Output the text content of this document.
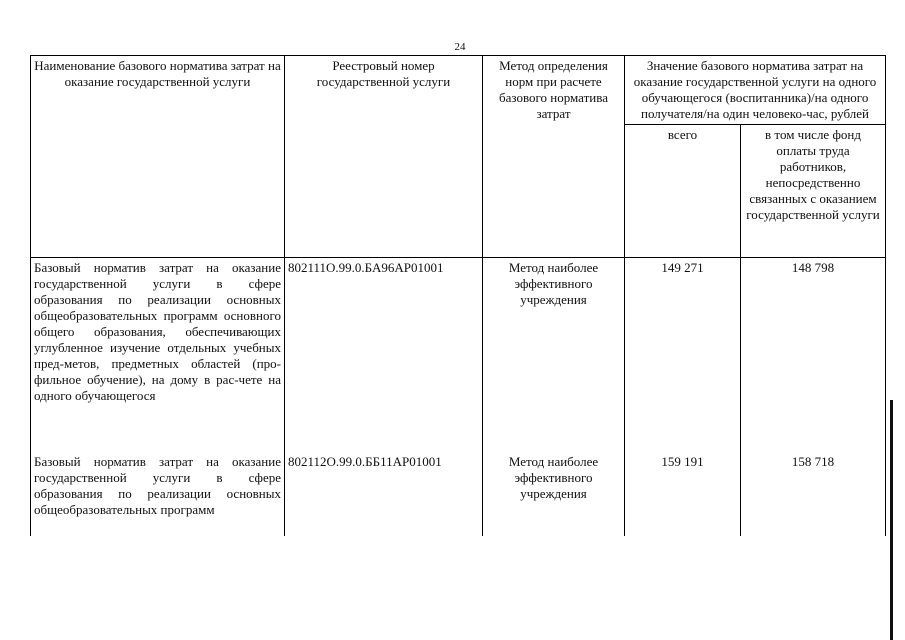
24
Наименование базового норматива затрат на оказание государственной услуги	Реестровый номер государственной услуги	Метод определения норм при расчете базового норматива затрат	Значение базового норматива затрат на оказание государственной услуги на одного обучающегося (воспитанника)/на одного получателя/на один человеко-час, рублей	
			всего	в том числе фонд оплаты труда работников, непосредственно связанных с оказанием государственной услуги
Базовый норматив затрат на оказание государственной услуги в сфере образования по реализации основных общеобразовательных программ основного общего образования, обеспечивающих углубленное изучение отдельных учебных пред-метов, предметных областей (про-фильное обучение), на дому в рас-чете на одного обучающегося	802111О.99.0.БА96АР01001	Метод наиболее эффективного учреждения	149 271	148 798
Базовый норматив затрат на оказание государственной услуги в сфере образования по реализации основных общеобразовательных программ	802112О.99.0.ББ11АР01001	Метод наиболее эффективного учреждения	159 191	158 718
